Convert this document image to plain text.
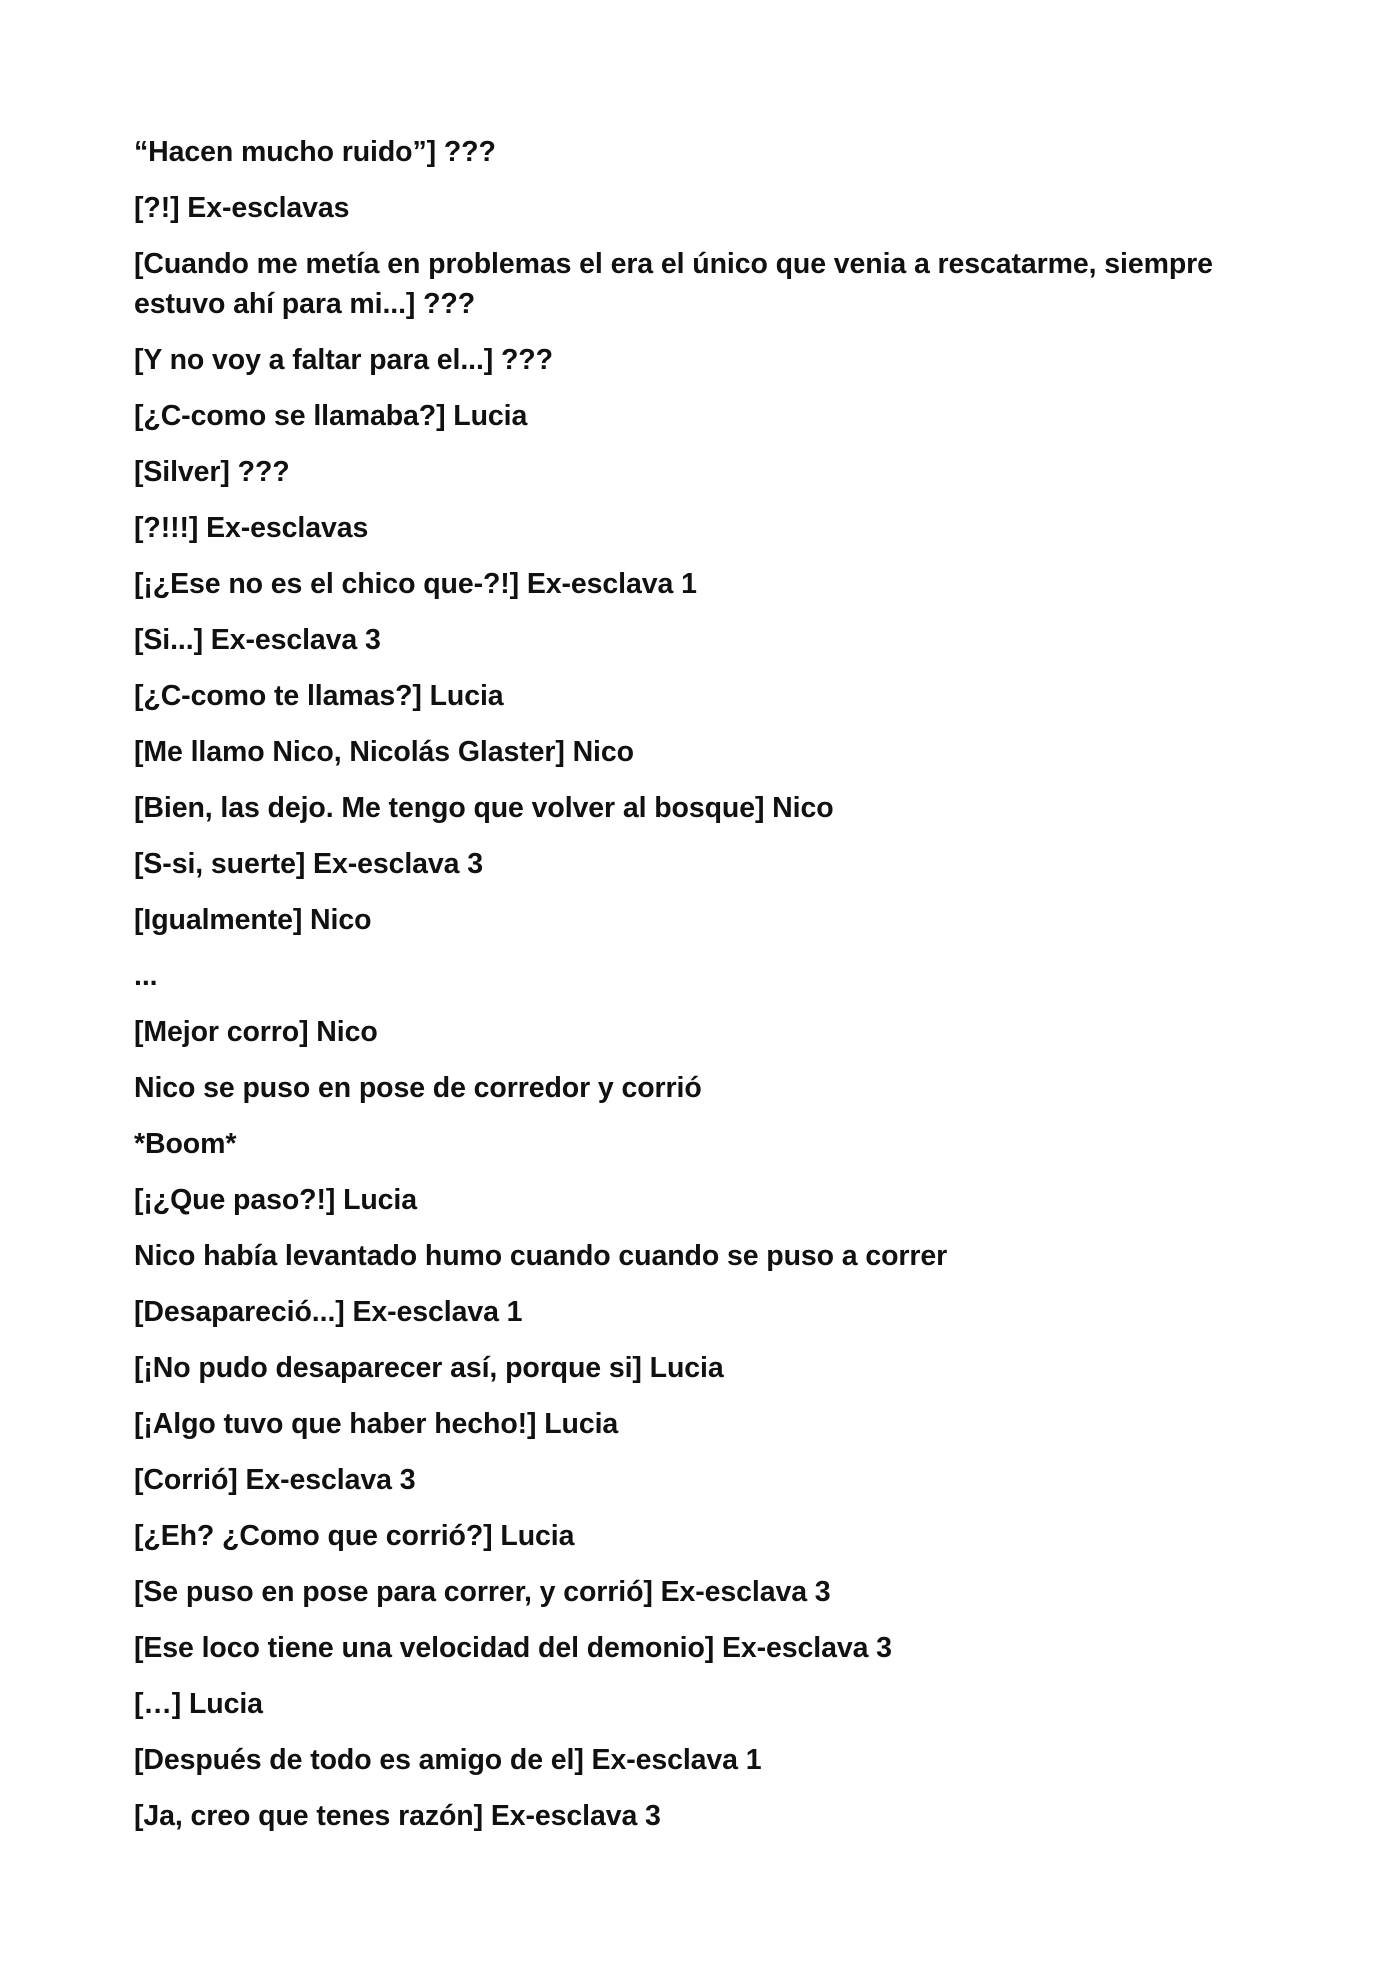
“Hacen mucho ruido”] ???

[?!] Ex-esclavas

[Cuando me metía en problemas el era el único que venia a rescatarme, siempre estuvo ahí para mi...] ???

[Y no voy a faltar para el...] ???

[¿C-como se llamaba?] Lucia

[Silver] ???

[?!!!] Ex-esclavas

[¡¿Ese no es el chico que-?!] Ex-esclava 1

[Si...] Ex-esclava 3

[¿C-como te llamas?] Lucia

[Me llamo Nico, Nicolás Glaster] Nico

[Bien, las dejo. Me tengo que volver al bosque] Nico

[S-si, suerte] Ex-esclava 3

[Igualmente] Nico

...

[Mejor corro] Nico

Nico se puso en pose de corredor y corrió

*Boom*

[¡¿Que paso?!] Lucia

Nico había levantado humo cuando cuando se puso a correr

[Desapareció...] Ex-esclava 1

[¡No pudo desaparecer así, porque si] Lucia

[¡Algo tuvo que haber hecho!] Lucia

[Corrió] Ex-esclava 3

[¿Eh? ¿Como que corrió?] Lucia

[Se puso en pose para correr, y corrió] Ex-esclava 3

[Ese loco tiene una velocidad del demonio] Ex-esclava 3

[…] Lucia

[Después de todo es amigo de el] Ex-esclava 1

[Ja, creo que tenes razón] Ex-esclava 3
